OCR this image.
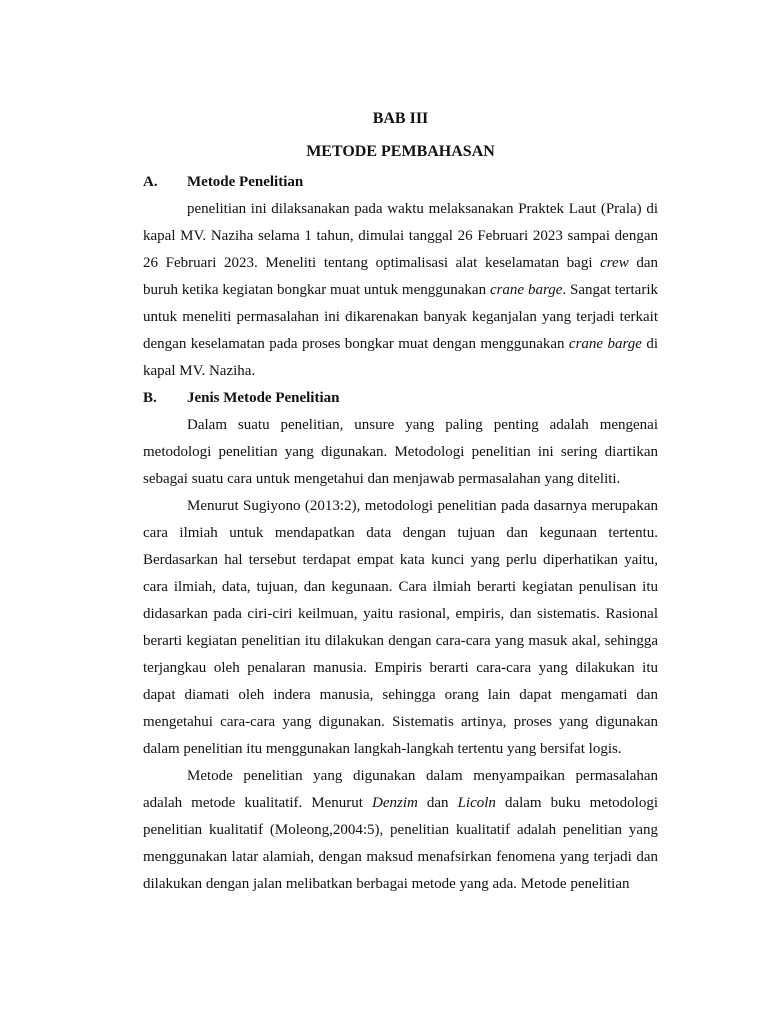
BAB III

METODE PEMBAHASAN

A. Metode Penelitian

penelitian ini dilaksanakan pada waktu melaksanakan Praktek Laut (Prala) di kapal MV. Naziha selama 1 tahun, dimulai tanggal 26 Februari 2023 sampai dengan 26 Februari 2023. Meneliti tentang optimalisasi alat keselamatan bagi crew dan buruh ketika kegiatan bongkar muat untuk menggunakan crane barge. Sangat tertarik untuk meneliti permasalahan ini dikarenakan banyak keganjalan yang terjadi terkait dengan keselamatan pada proses bongkar muat dengan menggunakan crane barge di kapal MV. Naziha.

B. Jenis Metode Penelitian

Dalam suatu penelitian, unsure yang paling penting adalah mengenai metodologi penelitian yang digunakan. Metodologi penelitian ini sering diartikan sebagai suatu cara untuk mengetahui dan menjawab permasalahan yang diteliti.

Menurut Sugiyono (2013:2), metodologi penelitian pada dasarnya merupakan cara ilmiah untuk mendapatkan data dengan tujuan dan kegunaan tertentu. Berdasarkan hal tersebut terdapat empat kata kunci yang perlu diperhatikan yaitu, cara ilmiah, data, tujuan, dan kegunaan. Cara ilmiah berarti kegiatan penulisan itu didasarkan pada ciri-ciri keilmuan, yaitu rasional, empiris, dan sistematis. Rasional berarti kegiatan penelitian itu dilakukan dengan cara-cara yang masuk akal, sehingga terjangkau oleh penalaran manusia. Empiris berarti cara-cara yang dilakukan itu dapat diamati oleh indera manusia, sehingga orang lain dapat mengamati dan mengetahui cara-cara yang digunakan. Sistematis artinya, proses yang digunakan dalam penelitian itu menggunakan langkah-langkah tertentu yang bersifat logis.

Metode penelitian yang digunakan dalam menyampaikan permasalahan adalah metode kualitatif. Menurut Denzim dan Licoln dalam buku metodologi penelitian kualitatif (Moleong,2004:5), penelitian kualitatif adalah penelitian yang menggunakan latar alamiah, dengan maksud menafsirkan fenomena yang terjadi dan dilakukan dengan jalan melibatkan berbagai metode yang ada. Metode penelitian
